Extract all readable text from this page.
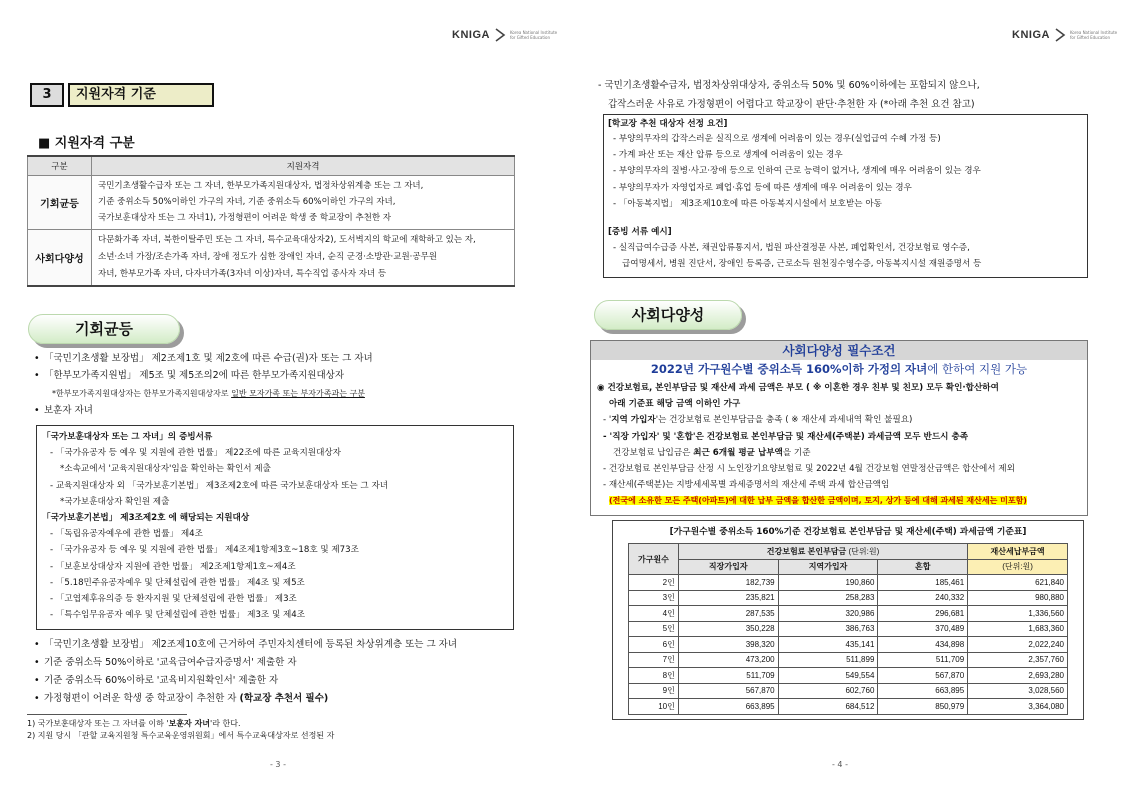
KNIGA	Korea National Institute for Gifted Education	KNIGA	Korea National Institute for Gifted Education
3	지원자격 기준
■ 지원자격 구분
구분	지원자격
기회균등	국민기초생활수급자 또는 그 자녀, 한부모가족지원대상자, 법정차상위계층 또는 그 자녀,
기준 중위소득 50%이하인 가구의 자녀, 기준 중위소득 60%이하인 가구의 자녀,
국가보훈대상자 또는 그 자녀1), 가정형편이 어려운 학생 중 학교장이 추천한 자

사회다양성	다문화가족 자녀, 북한이탈주민 또는 그 자녀, 특수교육대상자2), 도서벽지의 학교에 재학하고 있는 자,
소년·소녀 가장/조손가족 자녀, 장애 정도가 심한 장애인 자녀, 순직 군경·소방관·교원·공무원
자녀, 한부모가족 자녀, 다자녀가족(3자녀 이상)자녀, 특수직업 종사자 자녀 등
기회균등
• 「국민기초생활 보장법」 제2조제1호 및 제2호에 따른 수급(권)자 또는 그 자녀
• 「한부모가족지원법」 제5조 및 제5조의2에 따른 한부모가족지원대상자
*한부모가족지원대상자는 한부모가족지원대상자로 일반 모자가족 또는 부자가족과는 구분
• 보훈자 자녀
「국가보훈대상자 또는 그 자녀」의 증빙서류
- 「국가유공자 등 예우 및 지원에 관한 법률」 제22조에 따른 교육지원대상자
*소속교에서 '교육지원대상자'임을 확인하는 확인서 제출
- 교육지원대상자 외 「국가보훈기본법」 제3조제2호에 따른 국가보훈대상자 또는 그 자녀
*국가보훈대상자 확인원 제출
「국가보훈기본법」 제3조제2호 에 해당되는 지원대상
- 「독립유공자예우에 관한 법률」 제4조
- 「국가유공자 등 예우 및 지원에 관한 법률」 제4조제1항제3호~18호 및 제73조
- 「보훈보상대상자 지원에 관한 법률」 제2조제1항제1호~제4조
- 「5.18민주유공자예우 및 단체설립에 관한 법률」 제4조 및 제5조
- 「고엽제후유의증 등 환자지원 및 단체설립에 관한 법률」 제3조
- 「특수임무유공자 예우 및 단체설립에 관한 법률」 제3조 및 제4조
• 「국민기초생활 보장법」 제2조제10호에 근거하여 주민자치센터에 등록된 차상위계층 또는 그 자녀
• 기준 중위소득 50%이하로 '교육급여수급자증명서' 제출한 자
• 기준 중위소득 60%이하로 '교육비지원확인서' 제출한 자
• 가정형편이 어려운 학생 중 학교장이 추천한 자 (학교장 추천서 필수)
1) 국가보훈대상자 또는 그 자녀를 이하 '보훈자 자녀'라 한다.
2) 지원 당시 「관할 교육지원청 특수교육운영위원회」에서 특수교육대상자로 선정된 자
- 3 -
- 국민기초생활수급자, 법정차상위대상자, 중위소득 50% 및 60%이하에는 포함되지 않으나,
갑작스러운 사유로 가정형편이 어렵다고 학교장이 판단·추천한 자 (*아래 추천 요건 참고)
[학교장 추천 대상자 선정 요건]
- 부양의무자의 갑작스러운 실직으로 생계에 어려움이 있는 경우(실업급여 수혜 가정 등)
- 가계 파산 또는 재산 압류 등으로 생계에 어려움이 있는 경우
- 부양의무자의 질병·사고·장애 등으로 인하여 근로 능력이 없거나, 생계에 매우 어려움이 있는 경우
- 부양의무자가 자영업자로 폐업·휴업 등에 따른 생계에 매우 어려움이 있는 경우
- 「아동복지법」 제3조제10호에 따른 아동복지시설에서 보호받는 아동
[증빙 서류 예시]
- 실직급여수급증 사본, 채권압류통지서, 법원 파산결정문 사본, 폐업확인서, 건강보험료 영수증,
급여명세서, 병원 진단서, 장애인 등록증, 근로소득 원천징수영수증, 아동복지시설 재원증명서 등
사회다양성
사회다양성 필수조건
2022년 가구원수별 중위소득 160%이하 가정의 자녀에 한하여 지원 가능
◉ 건강보험료, 본인부담금 및 재산세 과세 금액은 부모 ( ※ 이혼한 경우 친부 및 친모) 모두 확인·합산하여
아래 기준표 해당 금액 이하인 가구
- '지역 가입자'는 건강보험료 본인부담금을 충족 ( ※ 재산세 과세내역 확인 불필요)
- '직장 가입자' 및 '혼합'은 건강보험료 본인부담금 및 재산세(주택분) 과세금액 모두 반드시 충족
건강보험료 납입금은 최근 6개월 평균 납부액을 기준
- 건강보험료 본인부담금 산정 시 노인장기요양보험료 및 2022년 4월 건강보험 연말정산금액은 합산에서 제외
- 재산세(주택분)는 지방세세목별 과세증명서의 재산세 주택 과세 합산금액임
(전국에 소유한 모든 주택(아파트)에 대한 납부 금액을 합산한 금액이며, 토지, 상가 등에 대해 과세된 재산세는 미포함)
[가구원수별 중위소득 160%기준 건강보험료 본인부담금 및 재산세(주택) 과세금액 기준표]
가구원수	건강보험료 본인부담금 (단위:원)			재산세납부금액
	직장가입자	지역가입자	혼합	(단위:원)
2인	182,739	190,860	185,461	621,840
3인	235,821	258,283	240,332	980,880
4인	287,535	320,986	296,681	1,336,560
5인	350,228	386,763	370,489	1,683,360
6인	398,320	435,141	434,898	2,022,240
7인	473,200	511,899	511,709	2,357,760
8인	511,709	549,554	567,870	2,693,280
9인	567,870	602,760	663,895	3,028,560
10인	663,895	684,512	850,979	3,364,080
- 4 -
